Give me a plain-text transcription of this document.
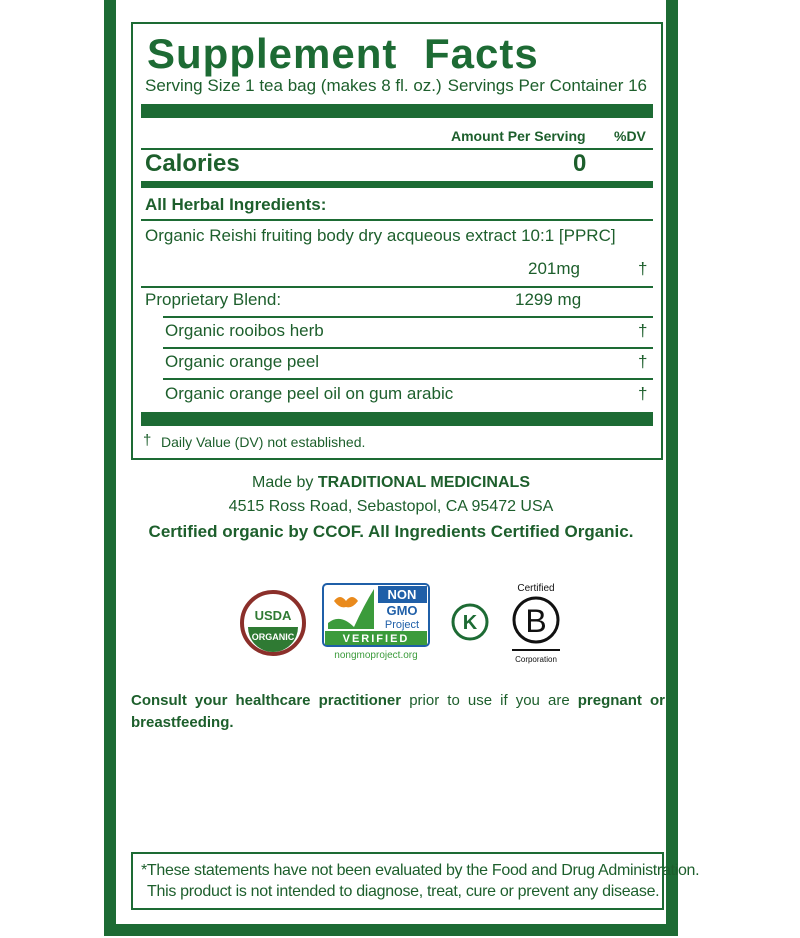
Supplement Facts
Serving Size 1 tea bag (makes 8 fl. oz.) Servings Per Container 16
Amount Per Serving %DV
Calories	0
All Herbal Ingredients:
Organic Reishi fruiting body dry acqueous extract 10:1 [PPRC]
201mg	†
Proprietary Blend:	1299 mg
Organic rooibos herb	†
Organic orange peel	†
Organic orange peel oil on gum arabic	†
† Daily Value (DV) not established.
Made by TRADITIONAL MEDICINALS
4515 Ross Road, Sebastopol, CA 95472 USA
Certified organic by CCOF. All Ingredients Certified Organic.
USDA
ORGANIC
NON
GMO
Project
VERIFIED
nongmoproject.org
K
Certified
B
Corporation
Consult your healthcare practitioner prior to use if you are pregnant or breastfeeding.
*These statements have not been evaluated by the Food and Drug Administration.
This product is not intended to diagnose, treat, cure or prevent any disease.
